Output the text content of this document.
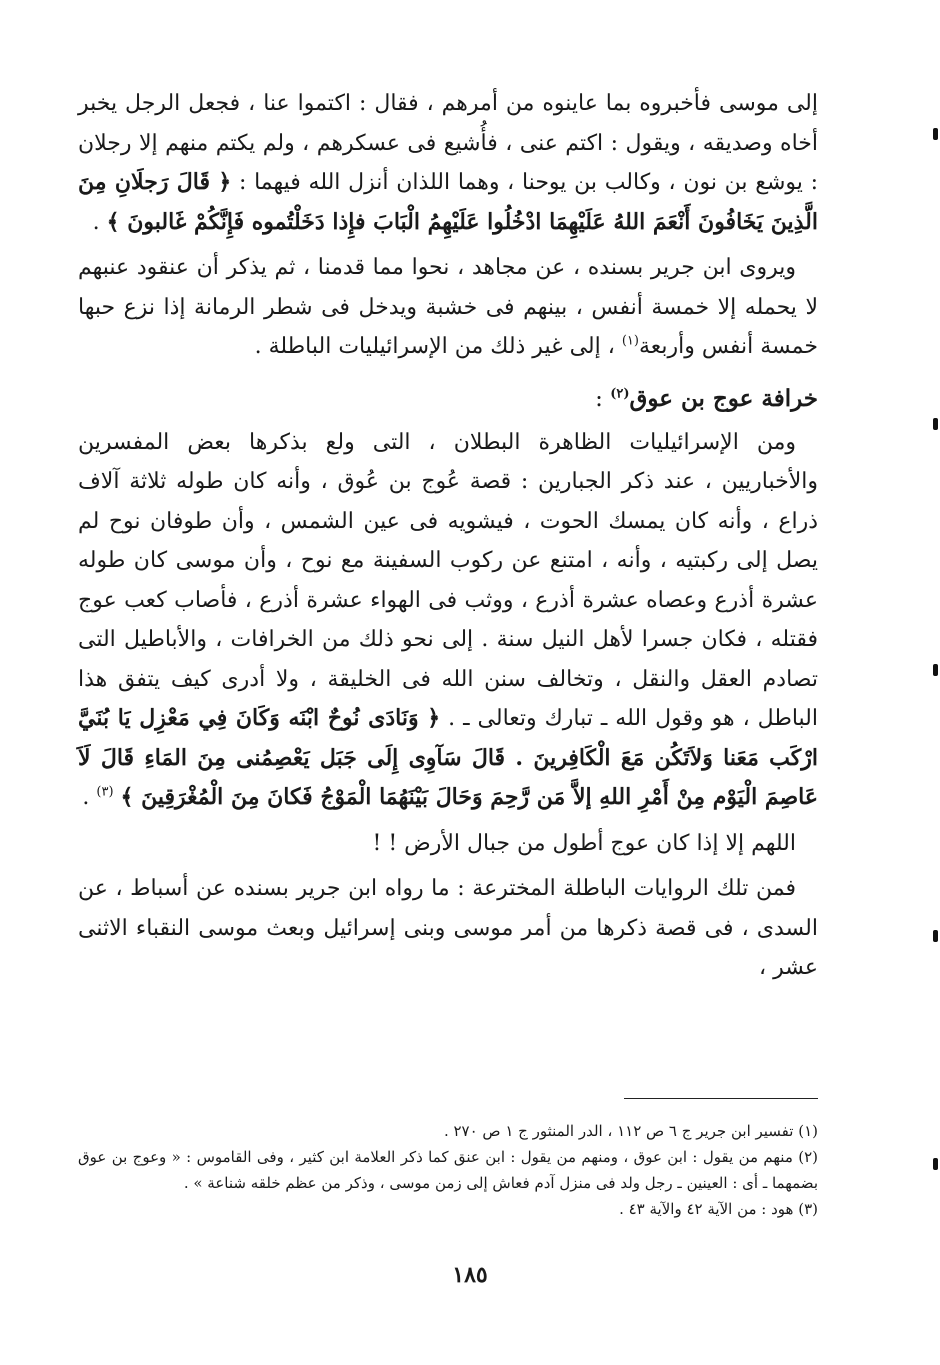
إلى موسى فأخبروه بما عاينوه من أمرهم ، فقال : اكتموا عنا ، فجعل الرجل يخبر أخاه وصديقه ، ويقول : اكتم عنى ، فأُشيع فى عسكرهم ، ولم يكتم منهم إلا رجلان : يوشع بن نون ، وكالب بن يوحنا ، وهما اللذان أنزل الله فيهما : ﴿ قَالَ رَجلَانِ مِنَ الَّذِينَ يَخَافُونَ أَنْعَمَ اللهُ عَلَيْهِمَا ادْخُلُوا عَلَيْهِمُ الْبَابَ فإِذا دَخَلْتُموه فَإِنَّكُمْ غَالبونَ ﴾ .

ويروى ابن جرير بسنده ، عن مجاهد ، نحوا مما قدمنا ، ثم يذكر أن عنقود عنبهم لا يحمله إلا خمسة أنفس ، بينهم فى خشبة ويدخل فى شطر الرمانة إذا نزع حبها خمسة أنفس وأربعة$^{(١)}$ ، إلى غير ذلك من الإسرائيليات الباطلة .

خرافة عوج بن عوق$^{(٢)}$ :

ومن الإسرائيليات الظاهرة البطلان ، التى ولع بذكرها بعض المفسرين والأخباريين ، عند ذكر الجبارين : قصة عُوج بن عُوق ، وأنه كان طوله ثلاثة آلاف ذراع ، وأنه كان يمسك الحوت ، فيشويه فى عين الشمس ، وأن طوفان نوح لم يصل إلى ركبتيه ، وأنه ، امتنع عن ركوب السفينة مع نوح ، وأن موسى كان طوله عشرة أذرع وعصاه عشرة أذرع ، ووثب فى الهواء عشرة أذرع ، فأصاب كعب عوج فقتله ، فكان جسرا لأهل النيل سنة . إلى نحو ذلك من الخرافات ، والأباطيل التى تصادم العقل والنقل ، وتخالف سنن الله فى الخليقة ، ولا أدرى كيف يتفق هذا الباطل ، هو وقول الله ـ تبارك وتعالى ـ . ﴿ وَنَادَى نُوحٌ ابْنَه وَكَانَ فِي مَعْزِل يَا بُنَيَّ ارْكَب مَعَنا وَلاَتَكُن مَعَ الْكَافِرينَ . قَالَ سَآوِى إِلَى جَبَل يَعْصِمُنى مِنَ المَاءِ قَالَ لَاَ عَاصِمَ الْيَوْم مِنْ أَمْرِ اللهِ إلاَّ مَن رَّحِمَ وَحَالَ بَيْنَهُمَا الْمَوْجُ فَكانَ مِنَ الْمُغْرَقِينَ ﴾ $^{(٣)}$ .

اللهم إلا إذا كان عوج أطول من جبال الأرض ! !

فمن تلك الروايات الباطلة المخترعة : ما رواه ابن جرير بسنده عن أسباط ، عن السدى ، فى قصة ذكرها من أمر موسى وبنى إسرائيل وبعث موسى النقباء الاثنى عشر ،

(١) تفسير ابن جرير ج ٦ ص ١١٢ ، الدر المنثور ج ١ ص ٢٧٠ .

(٢) منهم من يقول : ابن عوق ، ومنهم من يقول : ابن عنق كما ذكر العلامة ابن كثير ، وفى القاموس : « وعوج بن عوق بضمهما ـ أى : العينين ـ رجل ولد فى منزل آدم فعاش إلى زمن موسى ، وذكر من عظم خلقه شناعة » .

(٣) هود : من الآية ٤٢ والآية ٤٣ .

١٨٥
